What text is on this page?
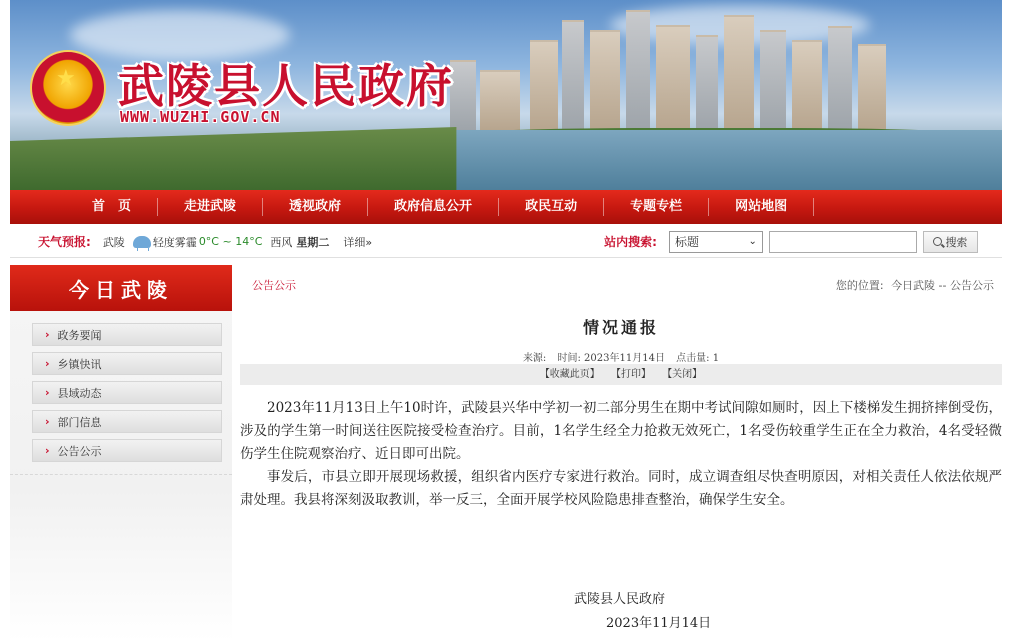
★ 武陵县人民政府
WWW.WUZHI.GOV.CN
首　页	走进武陵	透视政府	政府信息公开	政民互动	专题专栏	网站地图
天气预报: 武陵	轻度雾霾 0°C ~ 14°C 西风 星期二 详细»	站内搜索: 标题	⌄	搜索
今日武陵
› 政务要闻
› 乡镇快讯
› 县域动态
› 部门信息
› 公告公示
公告公示	您的位置: 今日武陵 -- 公告公示
情况通报
来源: 时间: 2023年11月14日 点击量: 1
【收藏此页】 【打印】 【关闭】

2023年11月13日上午10时许，武陵县兴华中学初一初二部分男生在期中考试间隙如厕时，因上下楼梯发生拥挤摔倒受伤，涉及的学生第一时间送往医院接受检查治疗。目前，1名学生经全力抢救无效死亡，1名受伤较重学生正在全力救治，4名受轻微伤学生住院观察治疗、近日即可出院。

事发后，市县立即开展现场救援，组织省内医疗专家进行救治。同时，成立调查组尽快查明原因，对相关责任人依法依规严肃处理。我县将深刻汲取教训，举一反三，全面开展学校风险隐患排查整治，确保学生安全。

武陵县人民政府
2023年11月14日
